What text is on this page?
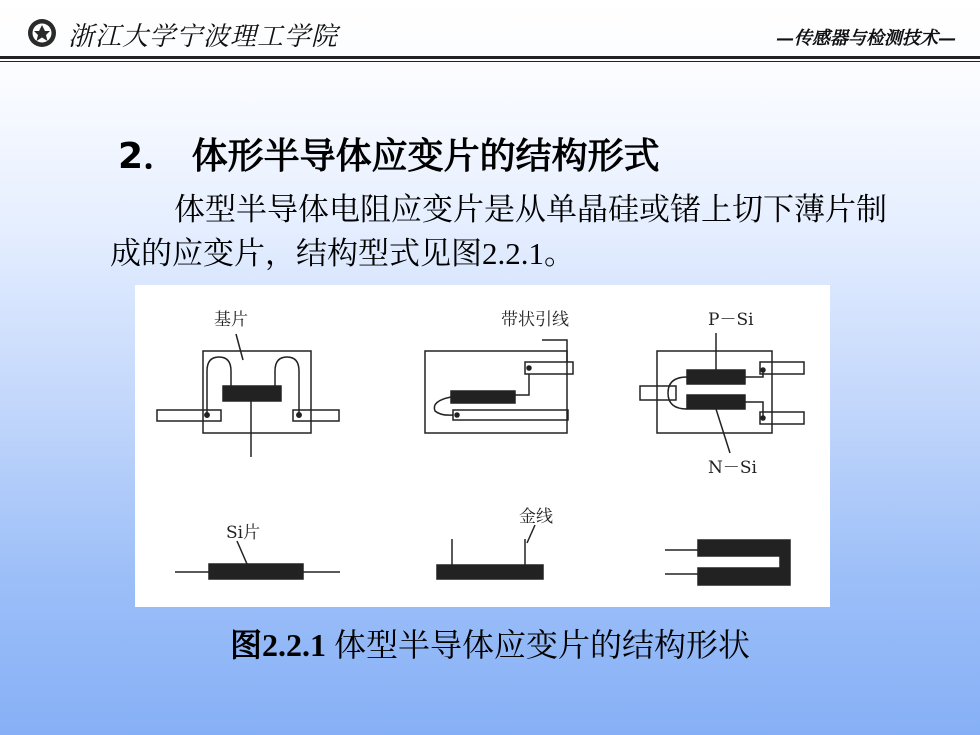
浙江大学宁波理工学院	—传感器与检测技术—
2． 体形半导体应变片的结构形式

体型半导体电阻应变片是从单晶硅或锗上切下薄片制成的应变片，结构型式见图2.2.1。

基片	带状引线	P－Si
N－Si
Si片
金线

图2.2.1 体型半导体应变片的结构形状
